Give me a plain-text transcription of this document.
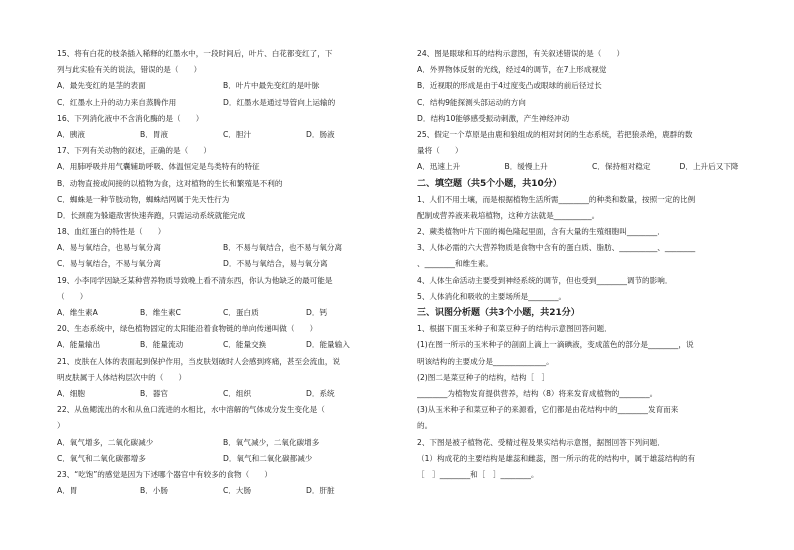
15、将有白花的枝条插入稀释的红墨水中，一段时间后，叶片、白花都变红了，下
列与此实验有关的说法，错误的是（　　）
A．最先变红的是茎的表面	B．叶片中最先变红的是叶脉
C．红墨水上升的动力来自蒸腾作用	D．红墨水是通过导管向上运输的
16、下列消化液中不含消化酶的是（　　）
A．胰液	B．胃液	C．胆汁	D．肠液
17、下列有关动物的叙述，正确的是（　　）
A．用肺呼吸并用气囊辅助呼吸、体温恒定是鸟类特有的特征
B．动物直接或间接的以植物为食，这对植物的生长和繁殖是不利的
C．蜘蛛是一种节肢动物，蜘蛛结网属于先天性行为
D．长颈鹿为躲避敌害快速奔跑，只需运动系统就能完成
18、血红蛋白的特性是（　　）
A．易与氧结合，也易与氧分离	B．不易与氧结合，也不易与氧分离
C．易与氧结合，不易与氧分离	D．不易与氧结合，易与氧分离
19、小李同学因缺乏某种营养物质导致晚上看不清东西，你认为他缺乏的最可能是
（　　）
A．维生素A	B．维生素C	C．蛋白质	D．钙
20、生态系统中，绿色植物固定的太阳能沿着食物链的单向传递叫做（　　）
A．能量输出	B．能量流动	C．能量交换	D．能量输入
21、皮肤在人体的表面起到保护作用，当皮肤划破时人会感到疼痛，甚至会流血，说
明皮肤属于人体结构层次中的（　　）
A．细胞	B．器官	C．组织	D．系统
22、从鱼鳃流出的水和从鱼口流进的水相比，水中溶解的气体成分发生变化是（
）
A．氧气增多，二氧化碳减少	B．氧气减少，二氧化碳增多
C．氧气和二氧化碳都增多	D．氧气和二氧化碳都减少
23、“吃饱”的感觉是因为下述哪个器官中有较多的食物（　　）
A．胃	B．小肠	C．大肠	D．肝脏
24、图是眼球和耳的结构示意图，有关叙述错误的是（　　）
A．外界物体反射的光线，经过4的调节，在7上形成视觉
B．近视眼的形成是由于4过度变凸或眼球的前后径过长
C．结构9能探测头部运动的方向
D．结构10能够感受振动刺激，产生神经冲动
25、假定一个草原是由鹿和狼组成的相对封闭的生态系统，若把狼杀绝，鹿群的数
量将（　　）
A．迅速上升	B．缓慢上升	C．保持相对稳定	D．上升后又下降
二、填空题（共5个小题，共10分）
1、人们不用土壤，而是根据植物生活所需________的种类和数量，按照一定的比例
配制成营养液来栽培植物，这种方法就是__________。
2、蕨类植物叶片下面的褐色隆起里面，含有大量的生殖细胞叫________．
3、人体必需的六大营养物质是食物中含有的蛋白质、脂肪、__________、________
、________和维生素。
4、人体生命活动主要受到神经系统的调节，但也受到________调节的影响．
5、人体消化和吸收的主要场所是________。
三、识图分析题（共3个小题，共21分）
1、根据下面玉米种子和菜豆种子的结构示意图回答问题．
(1)在图一所示的玉米种子的剖面上滴上一滴碘液，变成蓝色的部分是________，说
明该结构的主要成分是______________。
(2)图二是菜豆种子的结构，结构［　］
________为植物发育提供营养，结构（8）将来发育成植物的________。
(3)从玉米种子和菜豆种子的来源看，它们都是由花结构中的________发育而来
的。
2、下图是被子植物花、受精过程及果实结构示意图，据图回答下列问题．
（1）构成花的主要结构是雄蕊和雌蕊，图一所示的花的结构中，属于雄蕊结构的有
［　］________和［　］________。
